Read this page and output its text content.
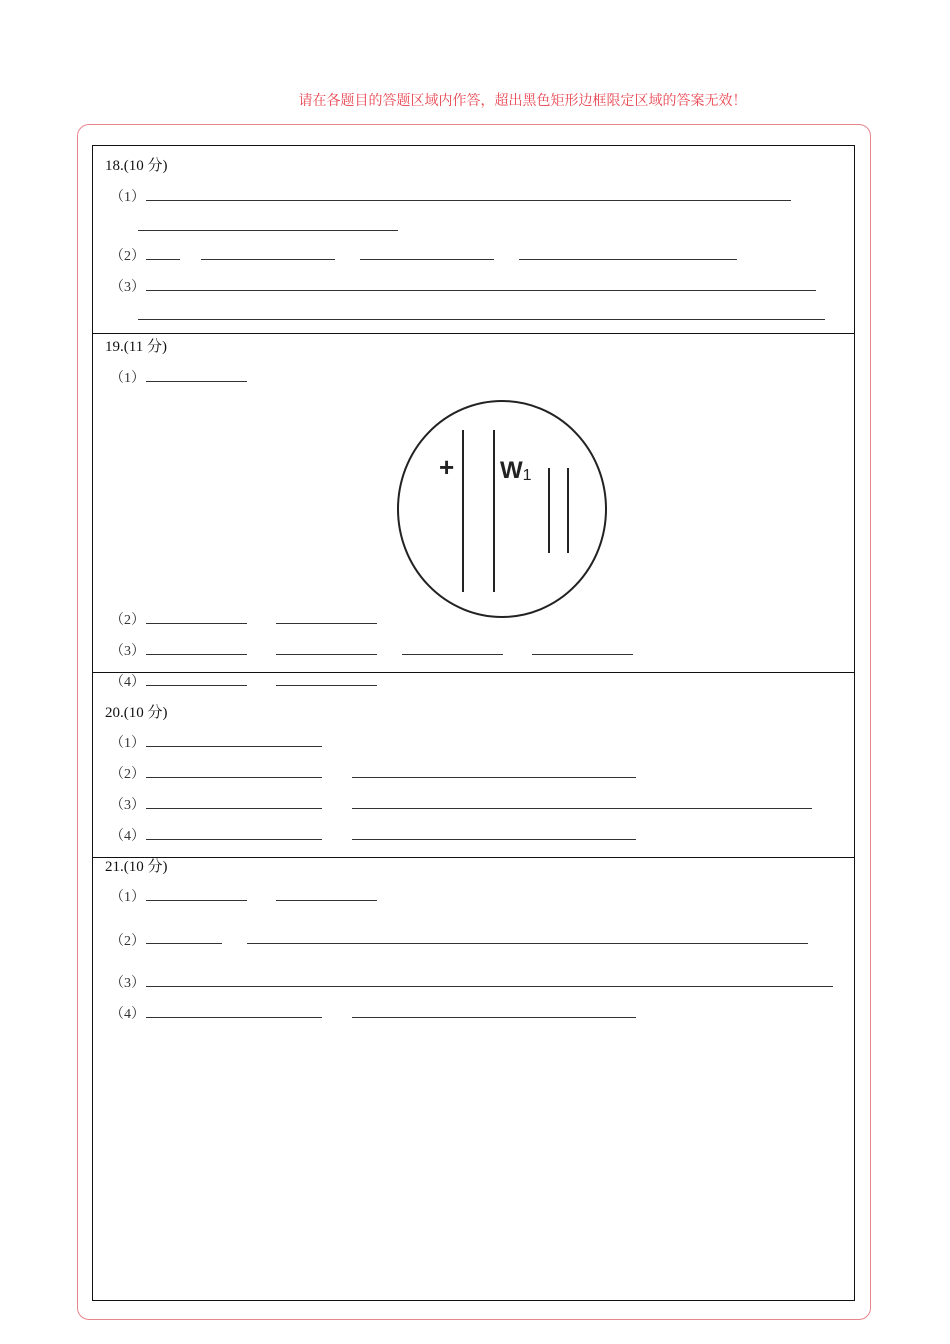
请在各题目的答题区域内作答，超出黑色矩形边框限定区域的答案无效！
18.(10 分)
（1）
（2）
（3）
19.(11 分)
（1）
+ W1
（2）
（3）
（4）
20.(10 分)
（1）
（2）
（3）
（4）
21.(10 分)
（1）
（2）
（3）
（4）
